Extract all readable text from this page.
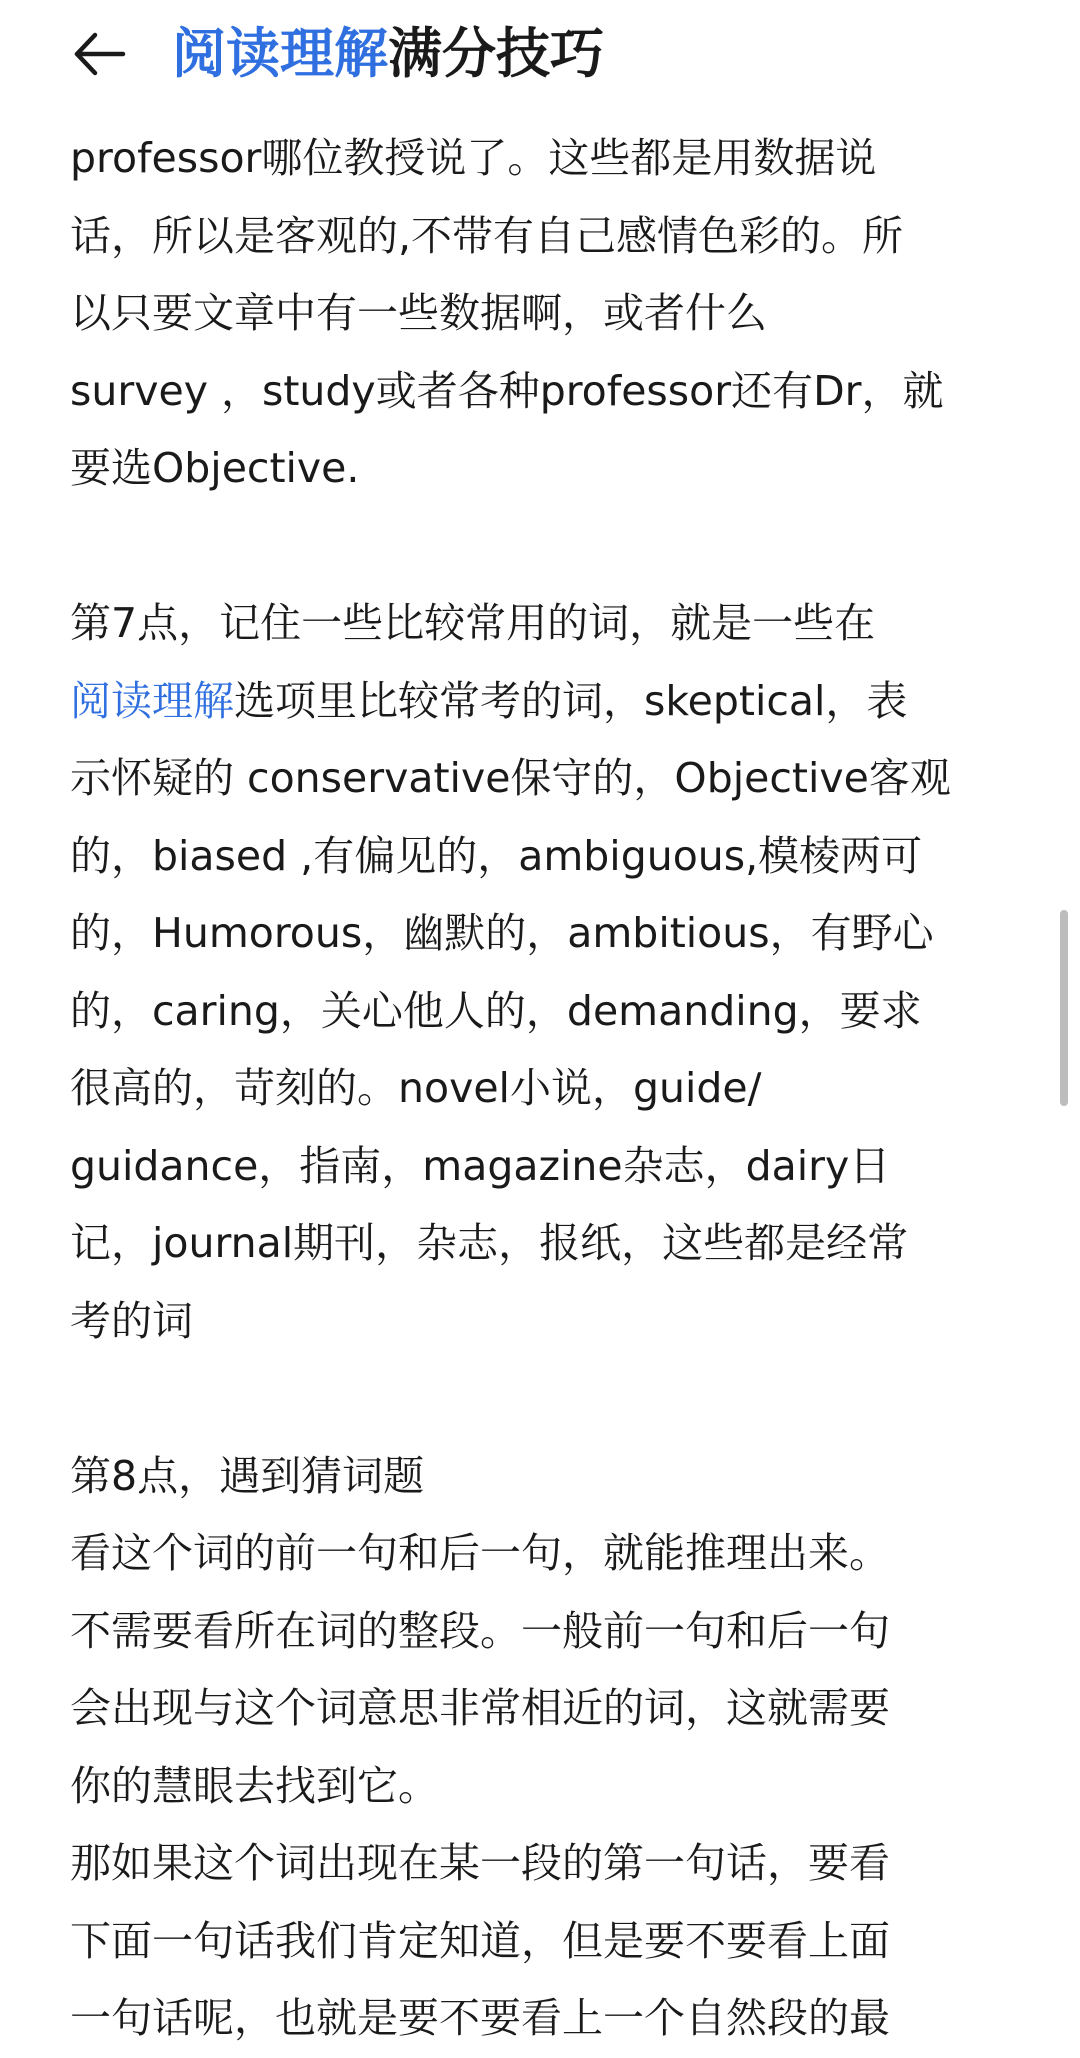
阅读理解满分技巧

professor哪位教授说了。这些都是用数据说
话，所以是客观的,不带有自己感情色彩的。所
以只要文章中有一些数据啊，或者什么
survey ，study或者各种professor还有Dr，就
要选Objective.

第7点，记住一些比较常用的词，就是一些在
阅读理解选项里比较常考的词，skeptical，表
示怀疑的 conservative保守的，Objective客观
的，biased ,有偏见的，ambiguous,模棱两可
的，Humorous，幽默的，ambitious，有野心
的，caring，关心他人的，demanding，要求
很高的，苛刻的。novel小说，guide/
guidance，指南，magazine杂志，dairy日
记，journal期刊，杂志，报纸，这些都是经常
考的词

第8点，遇到猜词题
看这个词的前一句和后一句，就能推理出来。
不需要看所在词的整段。一般前一句和后一句
会出现与这个词意思非常相近的词，这就需要
你的慧眼去找到它。
那如果这个词出现在某一段的第一句话，要看
下面一句话我们肯定知道，但是要不要看上面
一句话呢，也就是要不要看上一个自然段的最
